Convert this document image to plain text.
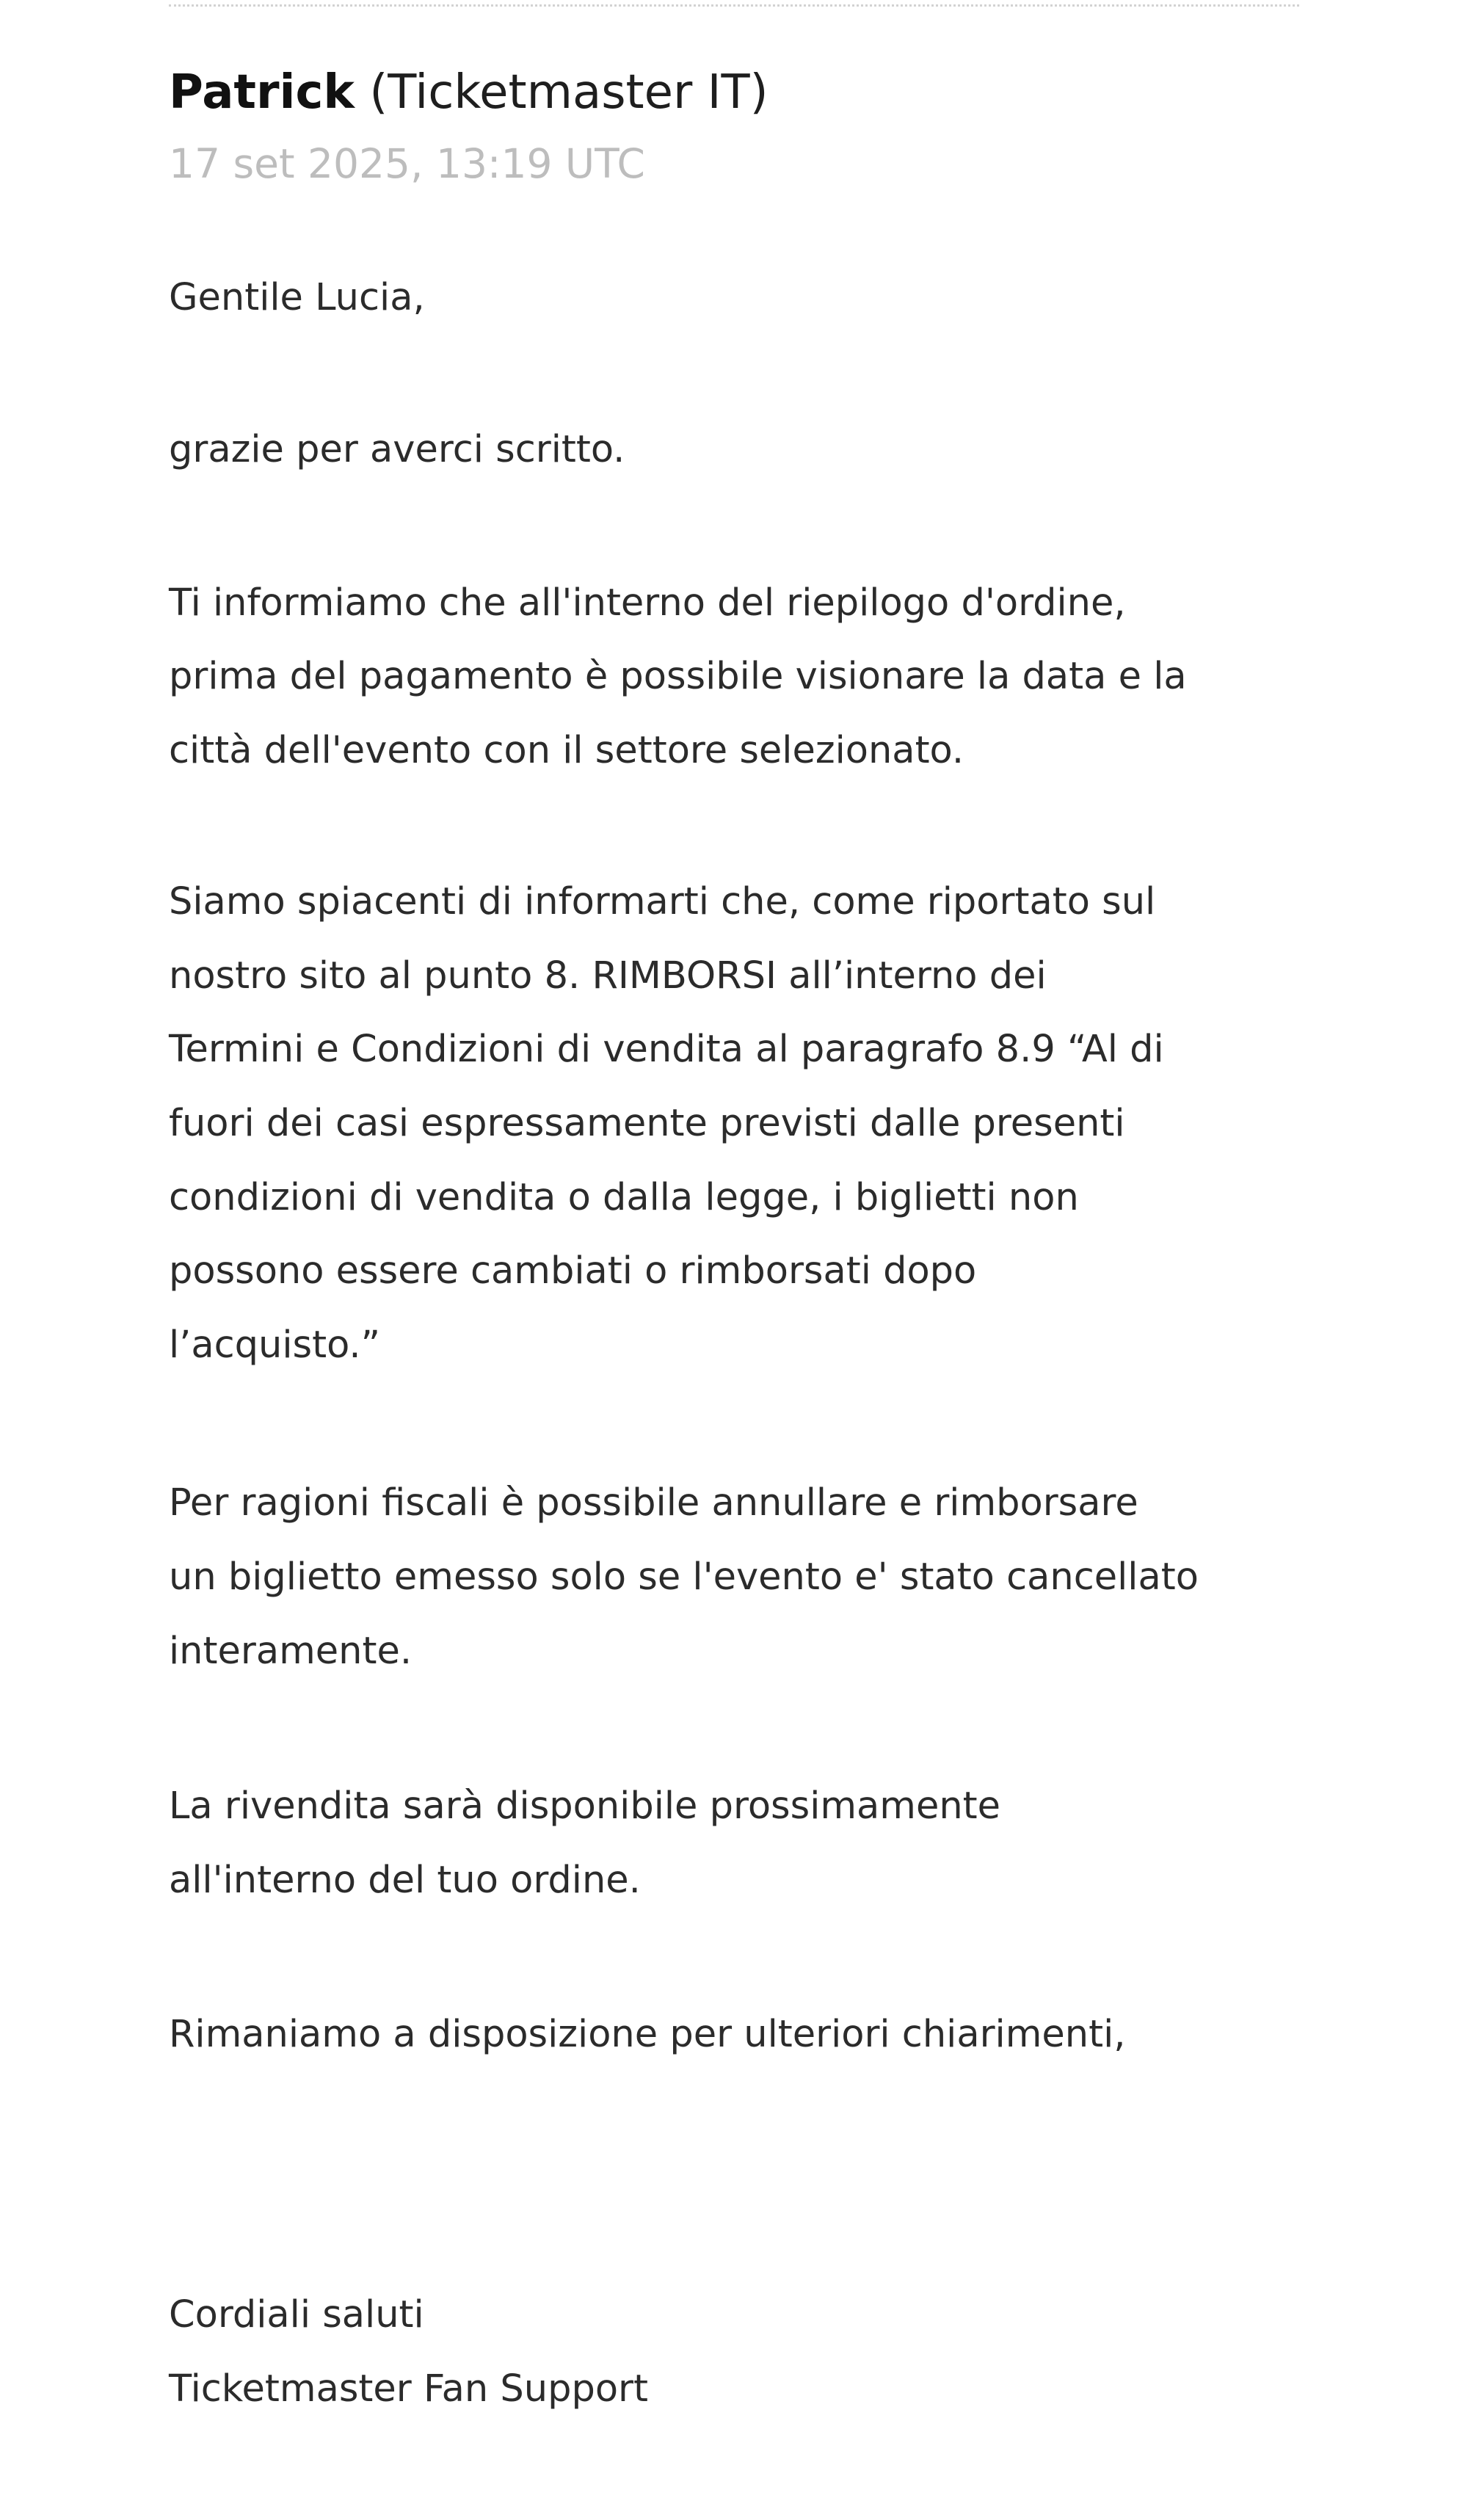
Patrick (Ticketmaster IT)
17 set 2025, 13:19 UTC
Gentile Lucia,
grazie per averci scritto.
Ti informiamo che all'interno del riepilogo d'ordine,
prima del pagamento è possibile visionare la data e la
città dell'evento con il settore selezionato.
Siamo spiacenti di informarti che, come riportato sul
nostro sito al punto 8. RIMBORSI all’interno dei
Termini e Condizioni di vendita al paragrafo 8.9 “Al di
fuori dei casi espressamente previsti dalle presenti
condizioni di vendita o dalla legge, i biglietti non
possono essere cambiati o rimborsati dopo
l’acquisto.”
Per ragioni fiscali è possibile annullare e rimborsare
un biglietto emesso solo se l'evento e' stato cancellato
interamente.
La rivendita sarà disponibile prossimamente
all'interno del tuo ordine.
Rimaniamo a disposizione per ulteriori chiarimenti,
Cordiali saluti
Ticketmaster Fan Support
